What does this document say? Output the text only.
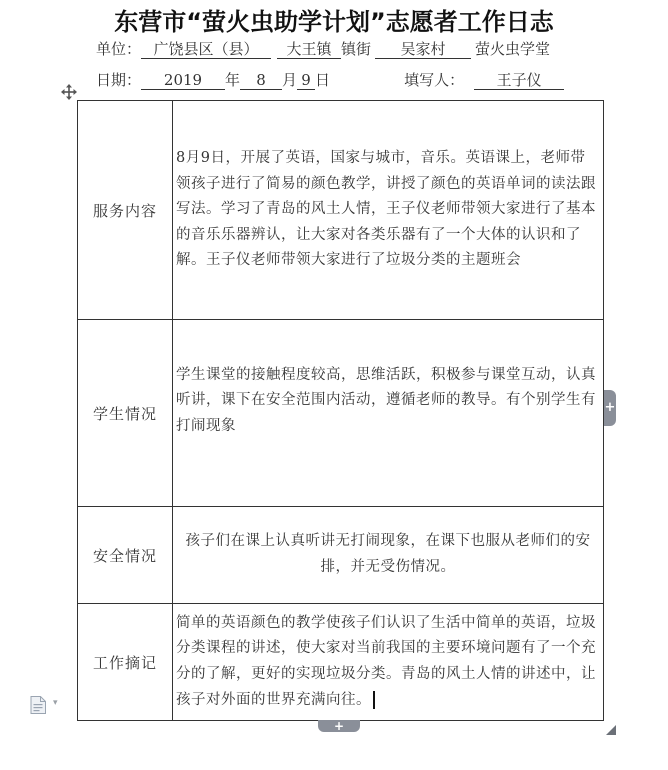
东营市“萤火虫助学计划”志愿者工作日志
单位： 广饶县区（县） 大王镇 镇街 吴家村 萤火虫学堂
日期： 2019 年 8 月 9 日	填写人： 王子仪
服务内容	8月9日，开展了英语，国家与城市，音乐。英语课上，老师带领孩子进行了简易的颜色教学，讲授了颜色的英语单词的读法跟写法。学习了青岛的风土人情，王子仪老师带领大家进行了基本的音乐乐器辨认，让大家对各类乐器有了一个大体的认识和了解。王子仪老师带领大家进行了垃圾分类的主题班会
学生情况	学生课堂的接触程度较高，思维活跃，积极参与课堂互动，认真听讲，课下在安全范围内活动，遵循老师的教导。有个别学生有打闹现象
安全情况	孩子们在课上认真听讲无打闹现象，在课下也服从老师们的安排，并无受伤情况。
工作摘记	简单的英语颜色的教学使孩子们认识了生活中简单的英语，垃圾分类课程的讲述，使大家对当前我国的主要环境问题有了一个充分的了解，更好的实现垃圾分类。青岛的风土人情的讲述中，让孩子对外面的世界充满向往。
+
+
▾
